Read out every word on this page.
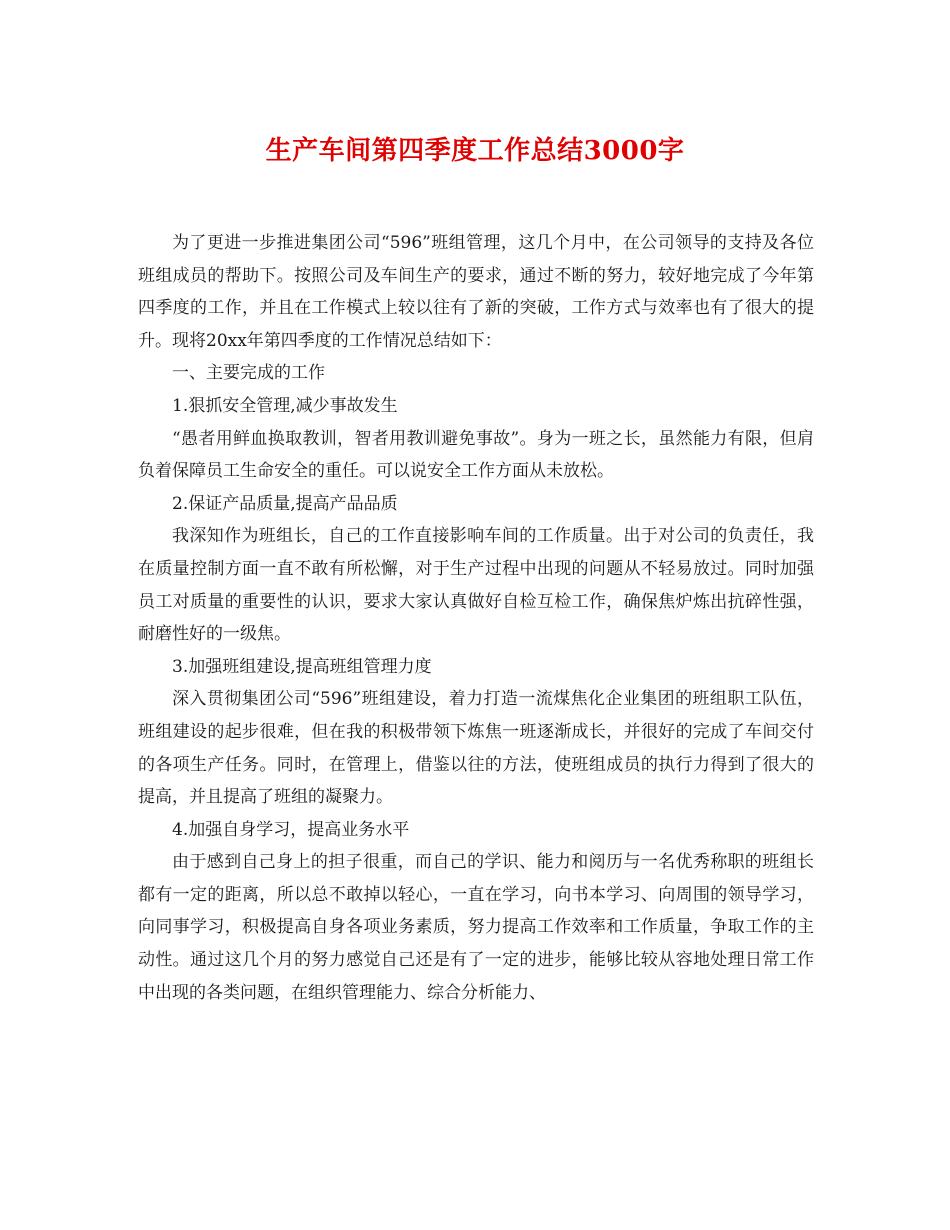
生产车间第四季度工作总结3000字

为了更进一步推进集团公司“596”班组管理，这几个月中，在公司领导的支持及各位班组成员的帮助下。按照公司及车间生产的要求，通过不断的努力，较好地完成了今年第四季度的工作，并且在工作模式上较以往有了新的突破，工作方式与效率也有了很大的提升。现将20xx年第四季度的工作情况总结如下：

一、主要完成的工作

1.狠抓安全管理,减少事故发生

“愚者用鲜血换取教训，智者用教训避免事故”。身为一班之长，虽然能力有限，但肩负着保障员工生命安全的重任。可以说安全工作方面从未放松。

2.保证产品质量,提高产品品质

我深知作为班组长，自己的工作直接影响车间的工作质量。出于对公司的负责任，我在质量控制方面一直不敢有所松懈，对于生产过程中出现的问题从不轻易放过。同时加强员工对质量的重要性的认识，要求大家认真做好自检互检工作，确保焦炉炼出抗碎性强，耐磨性好的一级焦。

3.加强班组建设,提高班组管理力度

深入贯彻集团公司“596”班组建设，着力打造一流煤焦化企业集团的班组职工队伍，班组建设的起步很难，但在我的积极带领下炼焦一班逐渐成长，并很好的完成了车间交付的各项生产任务。同时，在管理上，借鉴以往的方法，使班组成员的执行力得到了很大的提高，并且提高了班组的凝聚力。

4.加强自身学习，提高业务水平

由于感到自己身上的担子很重，而自己的学识、能力和阅历与一名优秀称职的班组长都有一定的距离，所以总不敢掉以轻心，一直在学习，向书本学习、向周围的领导学习，向同事学习，积极提高自身各项业务素质，努力提高工作效率和工作质量，争取工作的主动性。通过这几个月的努力感觉自己还是有了一定的进步，能够比较从容地处理日常工作中出现的各类问题，在组织管理能力、综合分析能力、
